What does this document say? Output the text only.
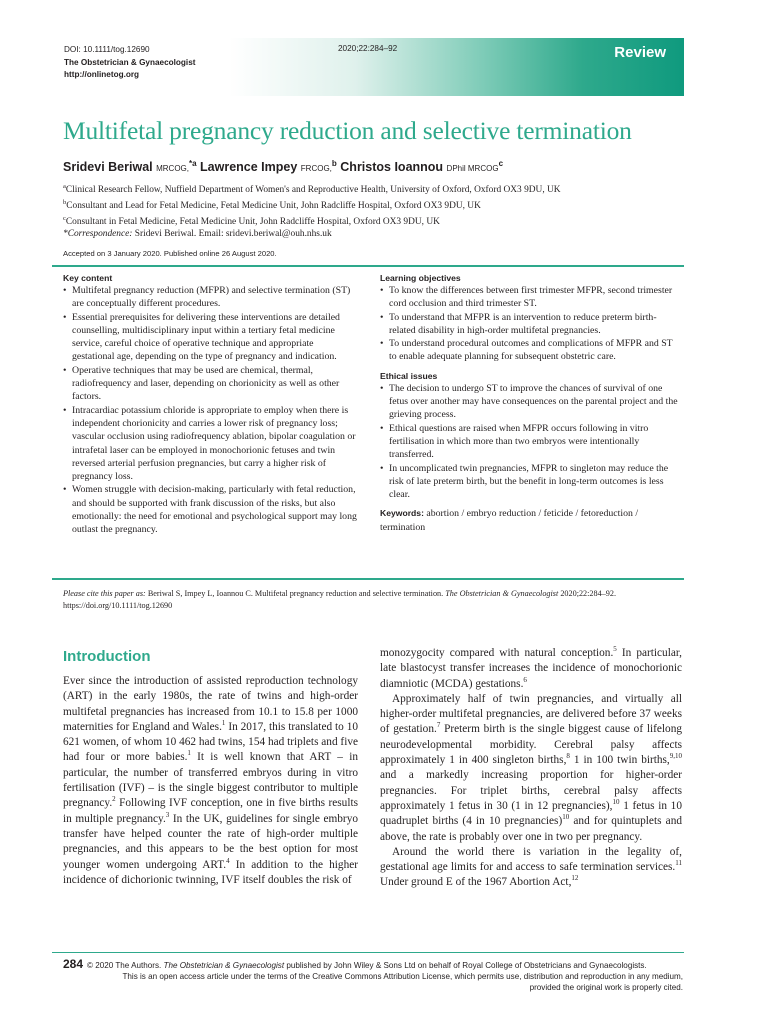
DOI: 10.1111/tog.12690
The Obstetrician & Gynaecologist
http://onlinetog.org
2020;22:284–92	Review
Multifetal pregnancy reduction and selective termination
Sridevi Beriwal MRCOG,$^{*a}$ Lawrence Impey FRCOG,$^b$ Christos Ioannou DPhil MRCOG$^c$
$^a$Clinical Research Fellow, Nuffield Department of Women's and Reproductive Health, University of Oxford, Oxford OX3 9DU, UK
$^b$Consultant and Lead for Fetal Medicine, Fetal Medicine Unit, John Radcliffe Hospital, Oxford OX3 9DU, UK
$^c$Consultant in Fetal Medicine, Fetal Medicine Unit, John Radcliffe Hospital, Oxford OX3 9DU, UK
*Correspondence: Sridevi Beriwal. Email: sridevi.beriwal@ouh.nhs.uk
Accepted on 3 January 2020. Published online 26 August 2020.
Key content
• Multifetal pregnancy reduction (MFPR) and selective termination (ST) are conceptually different procedures.
• Essential prerequisites for delivering these interventions are detailed counselling, multidisciplinary input within a tertiary fetal medicine service, careful choice of operative technique and appropriate gestational age, depending on the type of pregnancy and indication.
• Operative techniques that may be used are chemical, thermal, radiofrequency and laser, depending on chorionicity as well as other factors.
• Intracardiac potassium chloride is appropriate to employ when there is independent chorionicity and carries a lower risk of pregnancy loss; vascular occlusion using radiofrequency ablation, bipolar coagulation or intrafetal laser can be employed in monochorionic fetuses and twin reversed arterial perfusion pregnancies, but carry a higher risk of pregnancy loss.
• Women struggle with decision-making, particularly with fetal reduction, and should be supported with frank discussion of the risks, but also emotionally: the need for emotional and psychological support may long outlast the pregnancy.
Learning objectives
• To know the differences between first trimester MFPR, second trimester cord occlusion and third trimester ST.
• To understand that MFPR is an intervention to reduce preterm birth-related disability in high-order multifetal pregnancies.
• To understand procedural outcomes and complications of MFPR and ST to enable adequate planning for subsequent obstetric care.
Ethical issues
• The decision to undergo ST to improve the chances of survival of one fetus over another may have consequences on the parental project and the grieving process.
• Ethical questions are raised when MFPR occurs following in vitro fertilisation in which more than two embryos were intentionally transferred.
• In uncomplicated twin pregnancies, MFPR to singleton may reduce the risk of late preterm birth, but the benefit in long-term outcomes is less clear.
Keywords: abortion / embryo reduction / feticide / fetoreduction / termination
Please cite this paper as: Beriwal S, Impey L, Ioannou C. Multifetal pregnancy reduction and selective termination. The Obstetrician & Gynaecologist 2020;22:284–92. https://doi.org/10.1111/tog.12690
Introduction

Ever since the introduction of assisted reproduction technology (ART) in the early 1980s, the rate of twins and high-order multifetal pregnancies has increased from 10.1 to 15.8 per 1000 maternities for England and Wales.$^1$ In 2017, this translated to 10 621 women, of whom 10 462 had twins, 154 had triplets and five had four or more babies.$^1$ It is well known that ART – in particular, the number of transferred embryos during in vitro fertilisation (IVF) – is the single biggest contributor to multiple pregnancy.$^2$ Following IVF conception, one in five births results in multiple pregnancy.$^3$ In the UK, guidelines for single embryo transfer have helped counter the rate of high-order multiple pregnancies, and this appears to be the best option for most younger women undergoing ART.$^4$ In addition to the higher incidence of dichorionic twinning, IVF itself doubles the risk of

monozygocity compared with natural conception.$^5$ In particular, late blastocyst transfer increases the incidence of monochorionic diamniotic (MCDA) gestations.$^6$

Approximately half of twin pregnancies, and virtually all higher-order multifetal pregnancies, are delivered before 37 weeks of gestation.$^7$ Preterm birth is the single biggest cause of lifelong neurodevelopmental morbidity. Cerebral palsy affects approximately 1 in 400 singleton births,$^8$ 1 in 100 twin births,$^{9,10}$ and a markedly increasing proportion for higher-order pregnancies. For triplet births, cerebral palsy affects approximately 1 fetus in 30 (1 in 12 pregnancies),$^{10}$ 1 fetus in 10 quadruplet births (4 in 10 pregnancies)$^{10}$ and for quintuplets and above, the rate is probably over one in two per pregnancy.

Around the world there is variation in the legality of, gestational age limits for and access to safe termination services.$^{11}$ Under ground E of the 1967 Abortion Act,$^{12}$

284 © 2020 The Authors. The Obstetrician & Gynaecologist published by John Wiley & Sons Ltd on behalf of Royal College of Obstetricians and Gynaecologists.
This is an open access article under the terms of the Creative Commons Attribution License, which permits use, distribution and reproduction in any medium,
provided the original work is properly cited.
